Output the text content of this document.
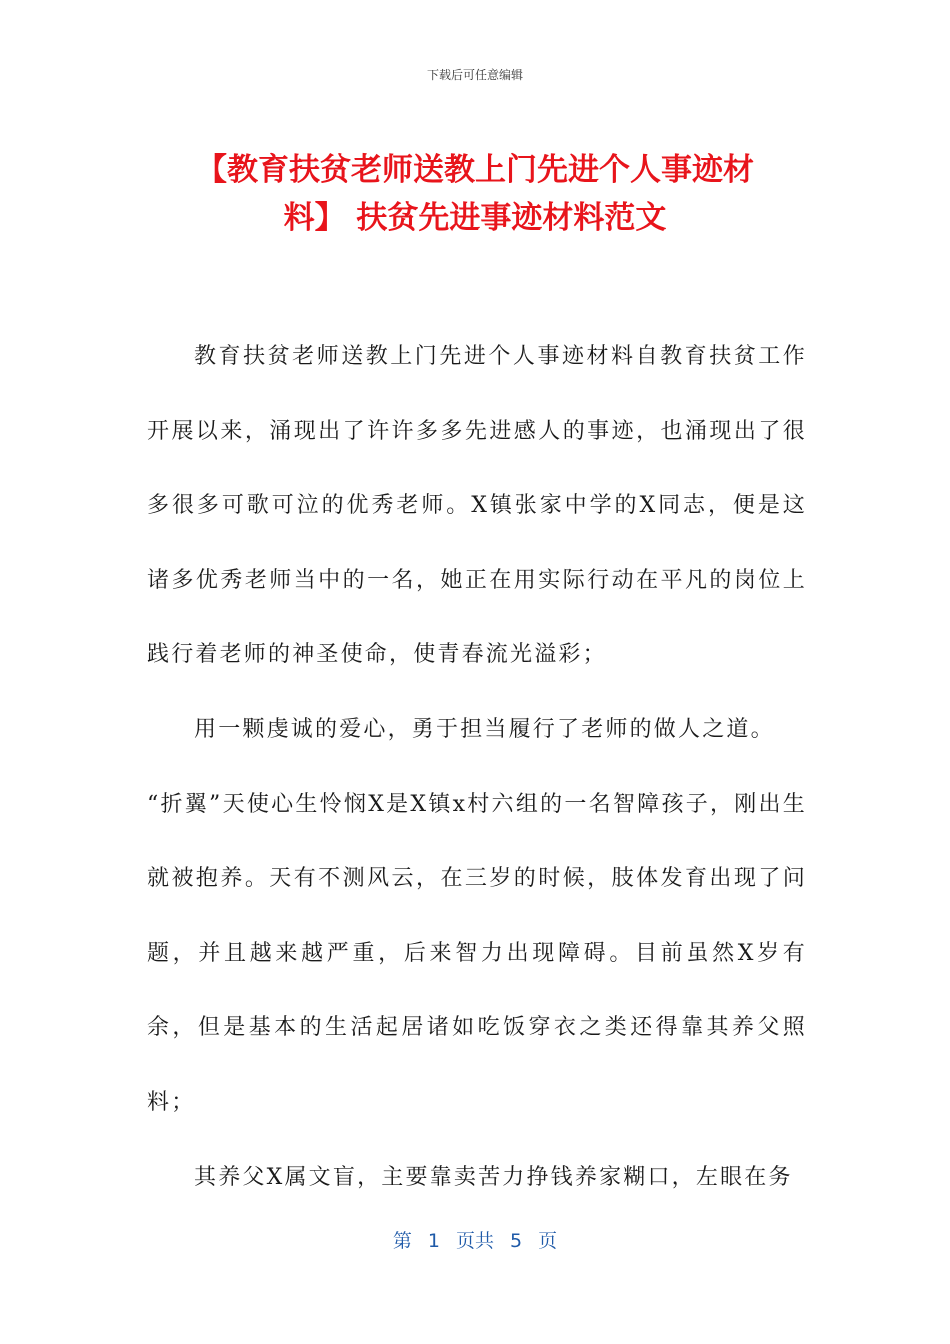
下载后可任意编辑
【教育扶贫老师送教上门先进个人事迹材
料】 扶贫先进事迹材料范文

教育扶贫老师送教上门先进个人事迹材料自教育扶贫工作开展以来，涌现出了许许多多先进感人的事迹，也涌现出了很多很多可歌可泣的优秀老师。X镇张家中学的X同志，便是这诸多优秀老师当中的一名，她正在用实际行动在平凡的岗位上践行着老师的神圣使命，使青春流光溢彩；

用一颗虔诚的爱心，勇于担当履行了老师的做人之道。

“折翼”天使心生怜悯X是X镇x村六组的一名智障孩子，刚出生就被抱养。天有不测风云，在三岁的时候，肢体发育出现了问题，并且越来越严重，后来智力出现障碍。目前虽然X岁有余，但是基本的生活起居诸如吃饭穿衣之类还得靠其养父照料；

其养父X属文盲，主要靠卖苦力挣钱养家糊口，左眼在务

第 1 页共 5 页
